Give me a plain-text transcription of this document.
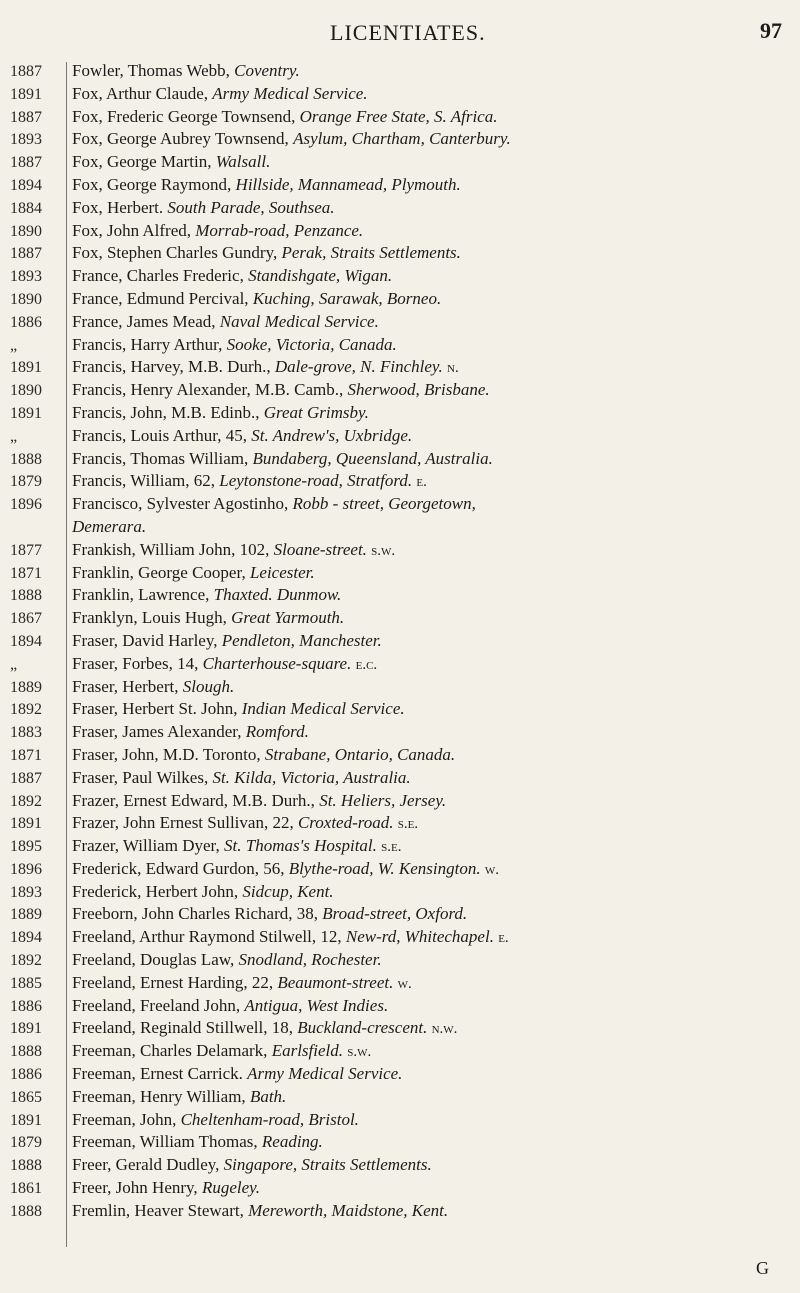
LICENTIATES.	97
1887	Fowler, Thomas Webb, Coventry.
1891	Fox, Arthur Claude, Army Medical Service.
1887	Fox, Frederic George Townsend, Orange Free State, S. Africa.
1893	Fox, George Aubrey Townsend, Asylum, Chartham, Canterbury.
1887	Fox, George Martin, Walsall.
1894	Fox, George Raymond, Hillside, Mannamead, Plymouth.
1884	Fox, Herbert. South Parade, Southsea.
1890	Fox, John Alfred, Morrab-road, Penzance.
1887	Fox, Stephen Charles Gundry, Perak, Straits Settlements.
1893	France, Charles Frederic, Standishgate, Wigan.
1890	France, Edmund Percival, Kuching, Sarawak, Borneo.
1886	France, James Mead, Naval Medical Service.
„	Francis, Harry Arthur, Sooke, Victoria, Canada.
1891	Francis, Harvey, M.B. Durh., Dale-grove, N. Finchley. n.
1890	Francis, Henry Alexander, M.B. Camb., Sherwood, Brisbane.
1891	Francis, John, M.B. Edinb., Great Grimsby.
„	Francis, Louis Arthur, 45, St. Andrew's, Uxbridge.
1888	Francis, Thomas William, Bundaberg, Queensland, Australia.
1879	Francis, William, 62, Leytonstone-road, Stratford. e.
1896	Francisco, Sylvester Agostinho, Robb - street, Georgetown,
Demerara.
1877	Frankish, William John, 102, Sloane-street. s.w.
1871	Franklin, George Cooper, Leicester.
1888	Franklin, Lawrence, Thaxted. Dunmow.
1867	Franklyn, Louis Hugh, Great Yarmouth.
1894	Fraser, David Harley, Pendleton, Manchester.
„	Fraser, Forbes, 14, Charterhouse-square. e.c.
1889	Fraser, Herbert, Slough.
1892	Fraser, Herbert St. John, Indian Medical Service.
1883	Fraser, James Alexander, Romford.
1871	Fraser, John, M.D. Toronto, Strabane, Ontario, Canada.
1887	Fraser, Paul Wilkes, St. Kilda, Victoria, Australia.
1892	Frazer, Ernest Edward, M.B. Durh., St. Heliers, Jersey.
1891	Frazer, John Ernest Sullivan, 22, Croxted-road. s.e.
1895	Frazer, William Dyer, St. Thomas's Hospital. s.e.
1896	Frederick, Edward Gurdon, 56, Blythe-road, W. Kensington. w.
1893	Frederick, Herbert John, Sidcup, Kent.
1889	Freeborn, John Charles Richard, 38, Broad-street, Oxford.
1894	Freeland, Arthur Raymond Stilwell, 12, New-rd, Whitechapel. e.
1892	Freeland, Douglas Law, Snodland, Rochester.
1885	Freeland, Ernest Harding, 22, Beaumont-street. w.
1886	Freeland, Freeland John, Antigua, West Indies.
1891	Freeland, Reginald Stillwell, 18, Buckland-crescent. n.w.
1888	Freeman, Charles Delamark, Earlsfield. s.w.
1886	Freeman, Ernest Carrick. Army Medical Service.
1865	Freeman, Henry William, Bath.
1891	Freeman, John, Cheltenham-road, Bristol.
1879	Freeman, William Thomas, Reading.
1888	Freer, Gerald Dudley, Singapore, Straits Settlements.
1861	Freer, John Henry, Rugeley.
1888	Fremlin, Heaver Stewart, Mereworth, Maidstone, Kent.
G
